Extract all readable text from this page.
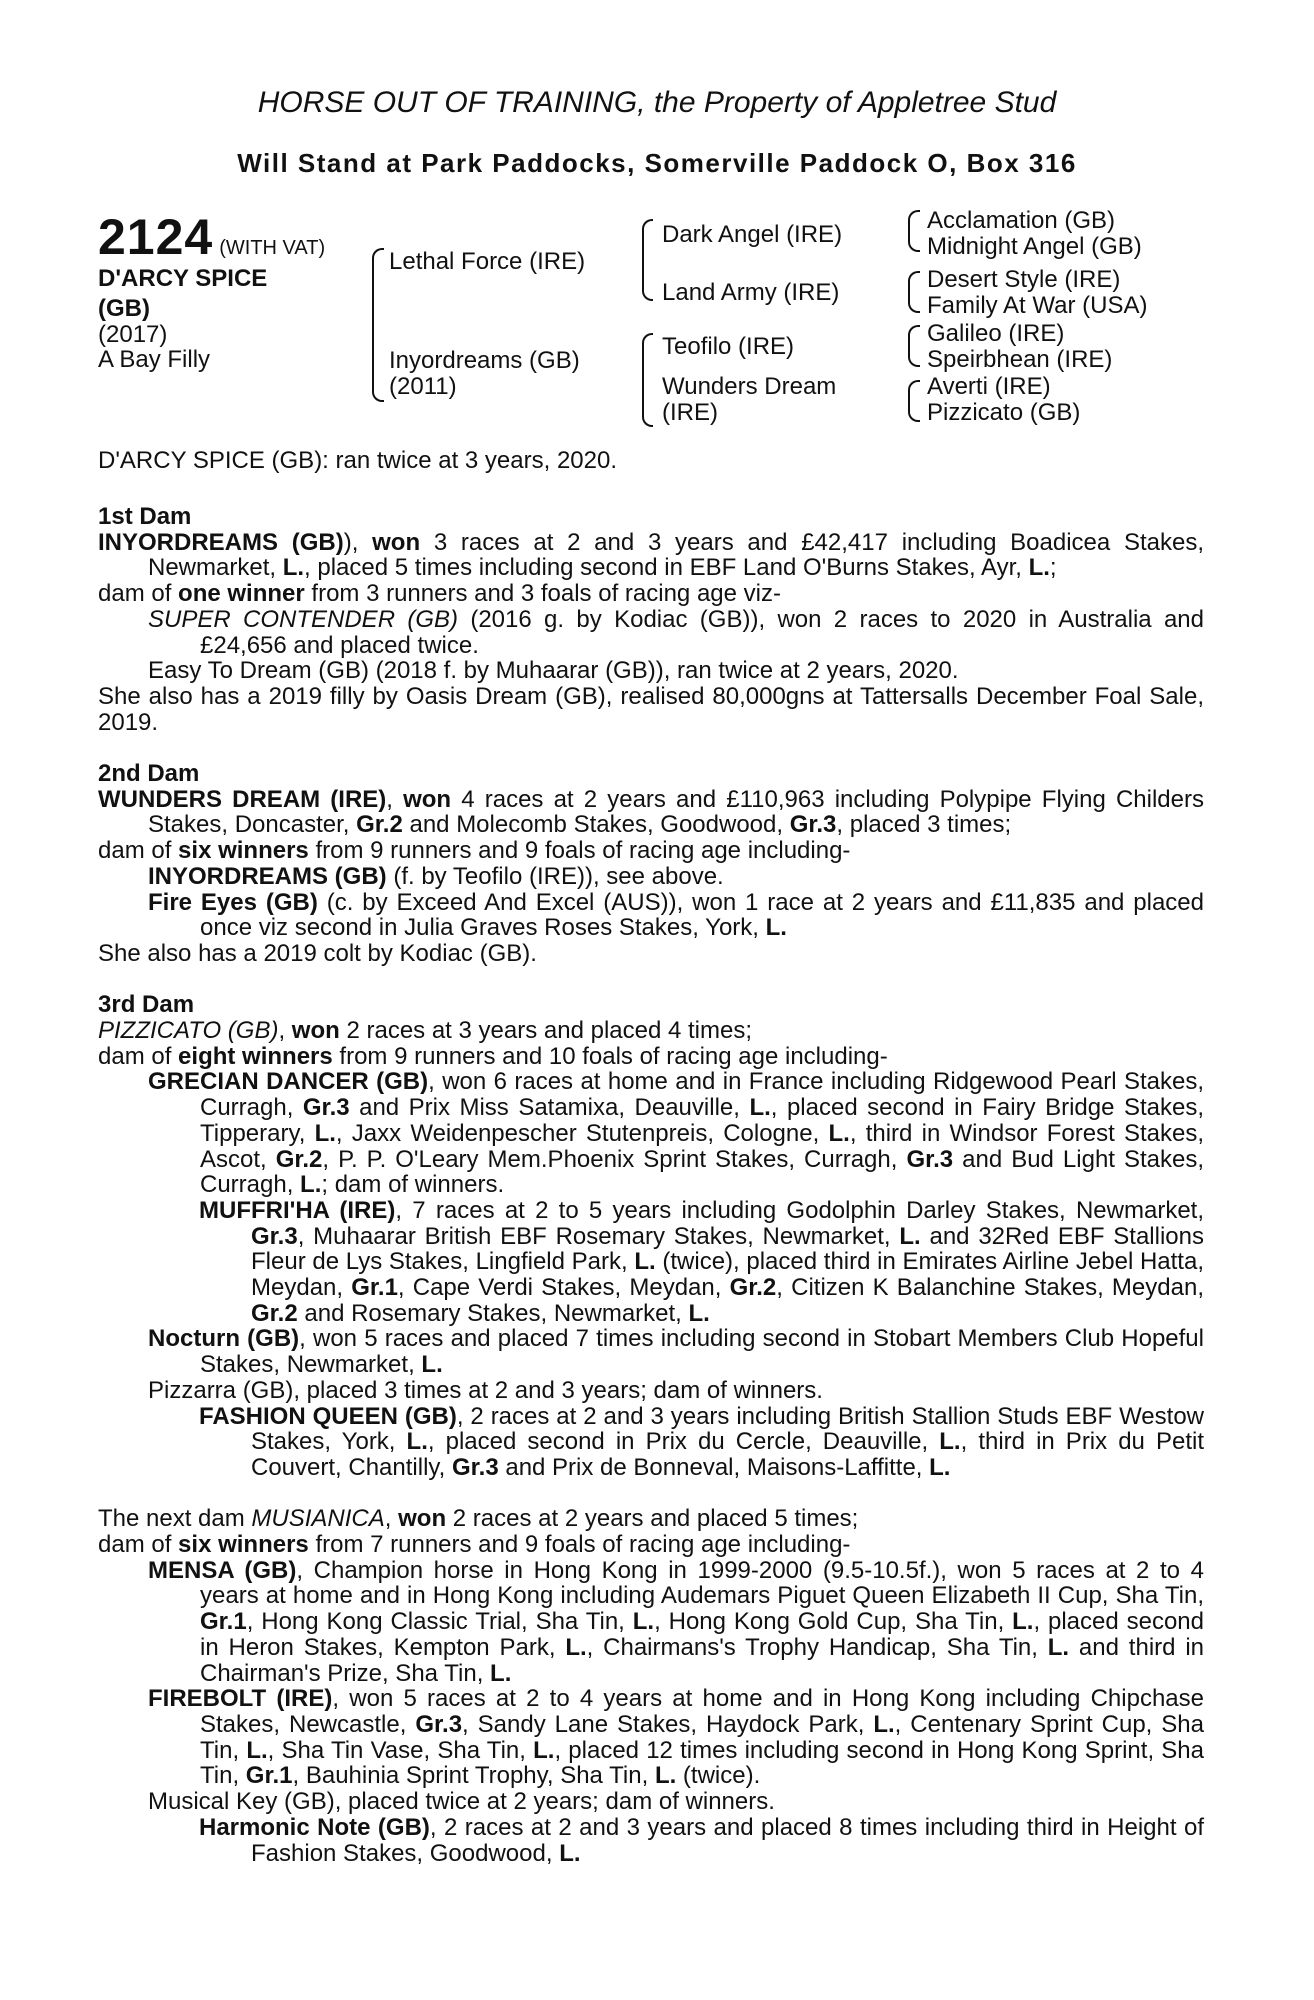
HORSE OUT OF TRAINING, the Property of Appletree Stud
Will Stand at Park Paddocks, Somerville Paddock O, Box 316
2124 (WITH VAT)
D'ARCY SPICE
(GB)
(2017)
A Bay Filly
Lethal Force (IRE)
Inyordreams (GB)
(2011)
Dark Angel (IRE)
Land Army (IRE)
Teofilo (IRE)
Wunders Dream
(IRE)
Acclamation (GB)
Midnight Angel (GB)
Desert Style (IRE)
Family At War (USA)
Galileo (IRE)
Speirbhean (IRE)
Averti (IRE)
Pizzicato (GB)
D'ARCY SPICE (GB): ran twice at 3 years, 2020.
1st Dam
INYORDREAMS (GB)), won 3 races at 2 and 3 years and £42,417 including Boadicea Stakes, Newmarket, L., placed 5 times including second in EBF Land O'Burns Stakes, Ayr, L.;
dam of one winner from 3 runners and 3 foals of racing age viz-
SUPER CONTENDER (GB) (2016 g. by Kodiac (GB)), won 2 races to 2020 in Australia and £24,656 and placed twice.
Easy To Dream (GB) (2018 f. by Muhaarar (GB)), ran twice at 2 years, 2020.
She also has a 2019 filly by Oasis Dream (GB), realised 80,000gns at Tattersalls December Foal Sale, 2019.
2nd Dam
WUNDERS DREAM (IRE), won 4 races at 2 years and £110,963 including Polypipe Flying Childers Stakes, Doncaster, Gr.2 and Molecomb Stakes, Goodwood, Gr.3, placed 3 times;
dam of six winners from 9 runners and 9 foals of racing age including-
INYORDREAMS (GB) (f. by Teofilo (IRE)), see above.
Fire Eyes (GB) (c. by Exceed And Excel (AUS)), won 1 race at 2 years and £11,835 and placed once viz second in Julia Graves Roses Stakes, York, L.
She also has a 2019 colt by Kodiac (GB).
3rd Dam
PIZZICATO (GB), won 2 races at 3 years and placed 4 times;
dam of eight winners from 9 runners and 10 foals of racing age including-
GRECIAN DANCER (GB), won 6 races at home and in France including Ridgewood Pearl Stakes, Curragh, Gr.3 and Prix Miss Satamixa, Deauville, L., placed second in Fairy Bridge Stakes, Tipperary, L., Jaxx Weidenpescher Stutenpreis, Cologne, L., third in Windsor Forest Stakes, Ascot, Gr.2, P. P. O'Leary Mem.Phoenix Sprint Stakes, Curragh, Gr.3 and Bud Light Stakes, Curragh, L.; dam of winners.
MUFFRI'HA (IRE), 7 races at 2 to 5 years including Godolphin Darley Stakes, Newmarket, Gr.3, Muhaarar British EBF Rosemary Stakes, Newmarket, L. and 32Red EBF Stallions Fleur de Lys Stakes, Lingfield Park, L. (twice), placed third in Emirates Airline Jebel Hatta, Meydan, Gr.1, Cape Verdi Stakes, Meydan, Gr.2, Citizen K Balanchine Stakes, Meydan, Gr.2 and Rosemary Stakes, Newmarket, L.
Nocturn (GB), won 5 races and placed 7 times including second in Stobart Members Club Hopeful Stakes, Newmarket, L.
Pizzarra (GB), placed 3 times at 2 and 3 years; dam of winners.
FASHION QUEEN (GB), 2 races at 2 and 3 years including British Stallion Studs EBF Westow Stakes, York, L., placed second in Prix du Cercle, Deauville, L., third in Prix du Petit Couvert, Chantilly, Gr.3 and Prix de Bonneval, Maisons-Laffitte, L.
The next dam MUSIANICA, won 2 races at 2 years and placed 5 times;
dam of six winners from 7 runners and 9 foals of racing age including-
MENSA (GB), Champion horse in Hong Kong in 1999-2000 (9.5-10.5f.), won 5 races at 2 to 4 years at home and in Hong Kong including Audemars Piguet Queen Elizabeth II Cup, Sha Tin, Gr.1, Hong Kong Classic Trial, Sha Tin, L., Hong Kong Gold Cup, Sha Tin, L., placed second in Heron Stakes, Kempton Park, L., Chairmans's Trophy Handicap, Sha Tin, L. and third in Chairman's Prize, Sha Tin, L.
FIREBOLT (IRE), won 5 races at 2 to 4 years at home and in Hong Kong including Chipchase Stakes, Newcastle, Gr.3, Sandy Lane Stakes, Haydock Park, L., Centenary Sprint Cup, Sha Tin, L., Sha Tin Vase, Sha Tin, L., placed 12 times including second in Hong Kong Sprint, Sha Tin, Gr.1, Bauhinia Sprint Trophy, Sha Tin, L. (twice).
Musical Key (GB), placed twice at 2 years; dam of winners.
Harmonic Note (GB), 2 races at 2 and 3 years and placed 8 times including third in Height of Fashion Stakes, Goodwood, L.
